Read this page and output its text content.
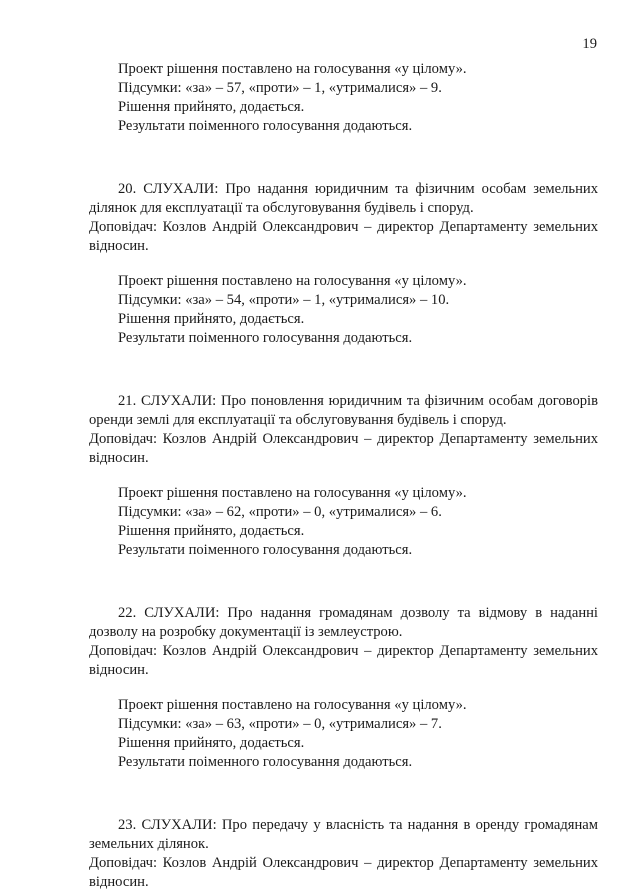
19

Проект рішення поставлено на голосування «у цілому».

Підсумки: «за» – 57, «проти» – 1, «утрималися» – 9.

Рішення прийнято, додається.

Результати поіменного голосування додаються.

20. СЛУХАЛИ: Про надання юридичним та фізичним особам земельних ділянок для експлуатації та обслуговування будівель і споруд.

Доповідач: Козлов Андрій Олександрович – директор Департаменту земельних відносин.

Проект рішення поставлено на голосування «у цілому».

Підсумки: «за» – 54, «проти» – 1, «утрималися» – 10.

Рішення прийнято, додається.

Результати поіменного голосування додаються.

21. СЛУХАЛИ: Про поновлення юридичним та фізичним особам договорів оренди землі для експлуатації та обслуговування будівель і споруд.

Доповідач: Козлов Андрій Олександрович – директор Департаменту земельних відносин.

Проект рішення поставлено на голосування «у цілому».

Підсумки: «за» – 62, «проти» – 0, «утрималися» – 6.

Рішення прийнято, додається.

Результати поіменного голосування додаються.

22. СЛУХАЛИ: Про надання громадянам дозволу та відмову в наданні дозволу на розробку документації із землеустрою.

Доповідач: Козлов Андрій Олександрович – директор Департаменту земельних відносин.

Проект рішення поставлено на голосування «у цілому».

Підсумки: «за» – 63, «проти» – 0, «утрималися» – 7.

Рішення прийнято, додається.

Результати поіменного голосування додаються.

23. СЛУХАЛИ: Про передачу у власність та надання в оренду громадянам земельних ділянок.

Доповідач: Козлов Андрій Олександрович – директор Департаменту земельних відносин.
